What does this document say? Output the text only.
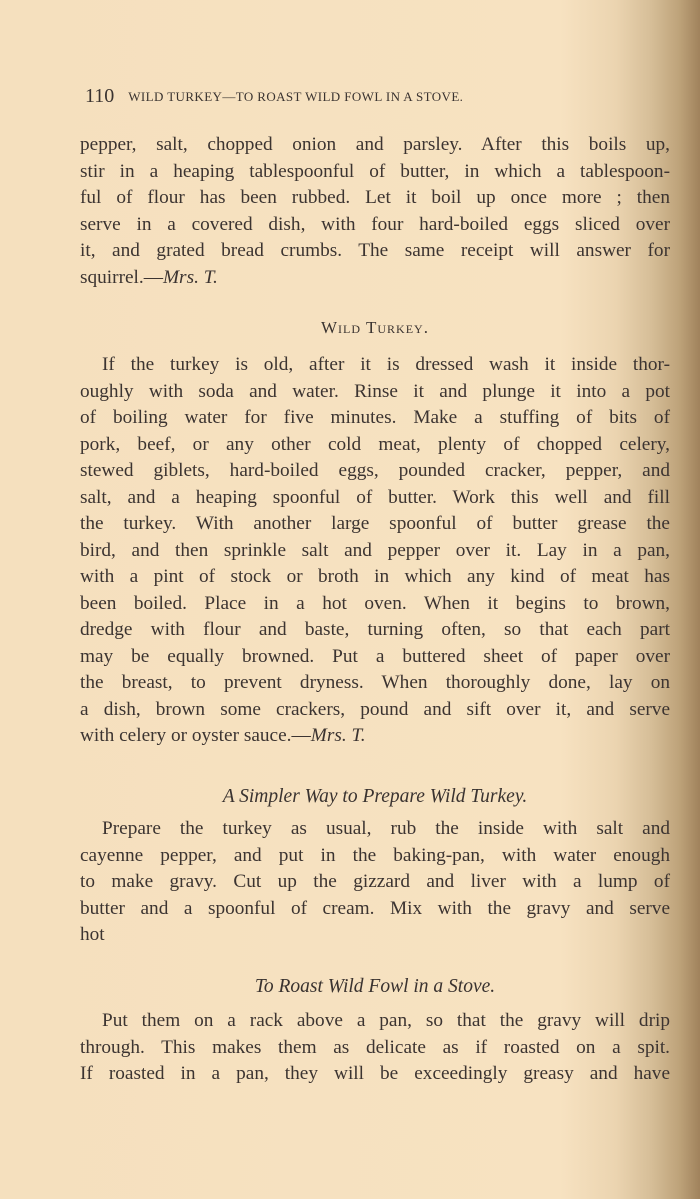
110 WILD TURKEY—TO ROAST WILD FOWL IN A STOVE.
pepper, salt, chopped onion and parsley. After this boils up,
stir in a heaping tablespoonful of butter, in which a tablespoon-
ful of flour has been rubbed. Let it boil up once more ; then
serve in a covered dish, with four hard-boiled eggs sliced over
it, and grated bread crumbs. The same receipt will answer for
squirrel.—Mrs. T.
Wild Turkey.
If the turkey is old, after it is dressed wash it inside thor-
oughly with soda and water. Rinse it and plunge it into a pot
of boiling water for five minutes. Make a stuffing of bits of
pork, beef, or any other cold meat, plenty of chopped celery,
stewed giblets, hard-boiled eggs, pounded cracker, pepper, and
salt, and a heaping spoonful of butter. Work this well and fill
the turkey. With another large spoonful of butter grease the
bird, and then sprinkle salt and pepper over it. Lay in a pan,
with a pint of stock or broth in which any kind of meat has
been boiled. Place in a hot oven. When it begins to brown,
dredge with flour and baste, turning often, so that each part
may be equally browned. Put a buttered sheet of paper over
the breast, to prevent dryness. When thoroughly done, lay on
a dish, brown some crackers, pound and sift over it, and serve
with celery or oyster sauce.—Mrs. T.
A Simpler Way to Prepare Wild Turkey.
Prepare the turkey as usual, rub the inside with salt and
cayenne pepper, and put in the baking-pan, with water enough
to make gravy. Cut up the gizzard and liver with a lump of
butter and a spoonful of cream. Mix with the gravy and serve
hot
To Roast Wild Fowl in a Stove.
Put them on a rack above a pan, so that the gravy will drip
through. This makes them as delicate as if roasted on a spit.
If roasted in a pan, they will be exceedingly greasy and have
